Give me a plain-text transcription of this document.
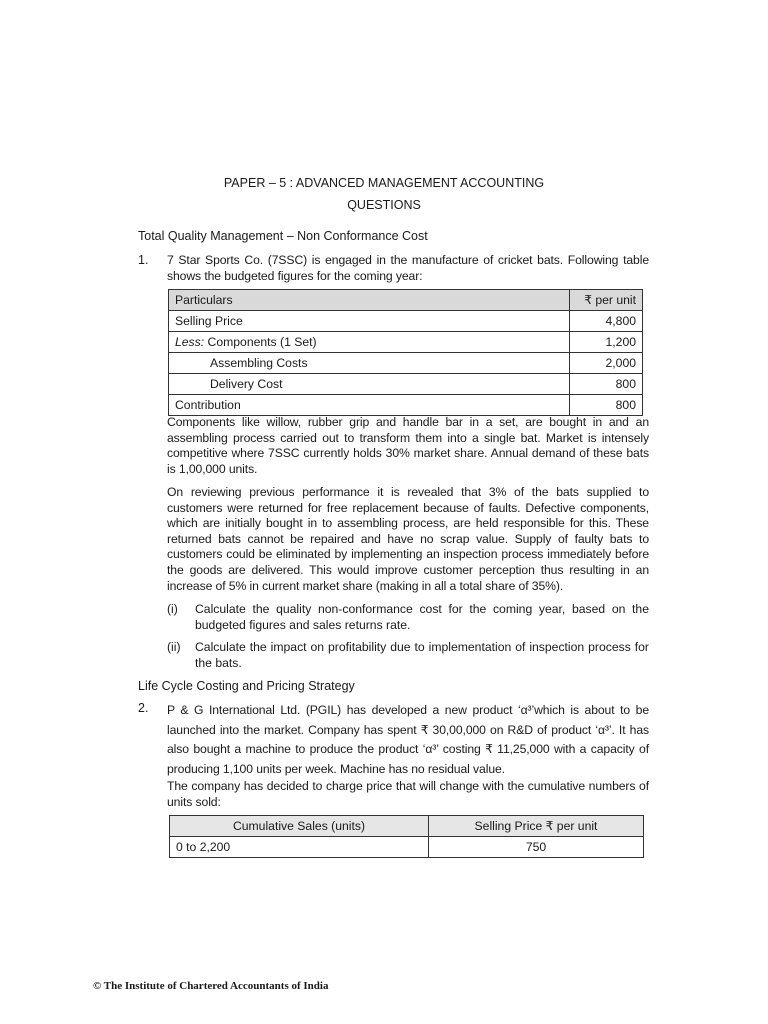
PAPER – 5 : ADVANCED MANAGEMENT ACCOUNTING
QUESTIONS
Total Quality Management – Non Conformance Cost
1. 7 Star Sports Co. (7SSC) is engaged in the manufacture of cricket bats. Following table shows the budgeted figures for the coming year:
Particulars	₹ per unit
Selling Price	4,800
Less: Components (1 Set)	1,200
Assembling Costs	2,000
Delivery Cost	800
Contribution	800
Components like willow, rubber grip and handle bar in a set, are bought in and an assembling process carried out to transform them into a single bat. Market is intensely competitive where 7SSC currently holds 30% market share. Annual demand of these bats is 1,00,000 units.
On reviewing previous performance it is revealed that 3% of the bats supplied to customers were returned for free replacement because of faults. Defective components, which are initially bought in to assembling process, are held responsible for this. These returned bats cannot be repaired and have no scrap value. Supply of faulty bats to customers could be eliminated by implementing an inspection process immediately before the goods are delivered. This would improve customer perception thus resulting in an increase of 5% in current market share (making in all a total share of 35%).
(i) Calculate the quality non-conformance cost for the coming year, based on the budgeted figures and sales returns rate.
(ii) Calculate the impact on profitability due to implementation of inspection process for the bats.
Life Cycle Costing and Pricing Strategy
2. P & G International Ltd. (PGIL) has developed a new product ‘α³’which is about to be launched into the market. Company has spent ₹ 30,00,000 on R&D of product ‘α³’. It has also bought a machine to produce the product ‘α³’ costing ₹ 11,25,000 with a capacity of producing 1,100 units per week. Machine has no residual value.
The company has decided to charge price that will change with the cumulative numbers of units sold:
Cumulative Sales (units)	Selling Price ₹ per unit
0 to 2,200	750
© The Institute of Chartered Accountants of India
